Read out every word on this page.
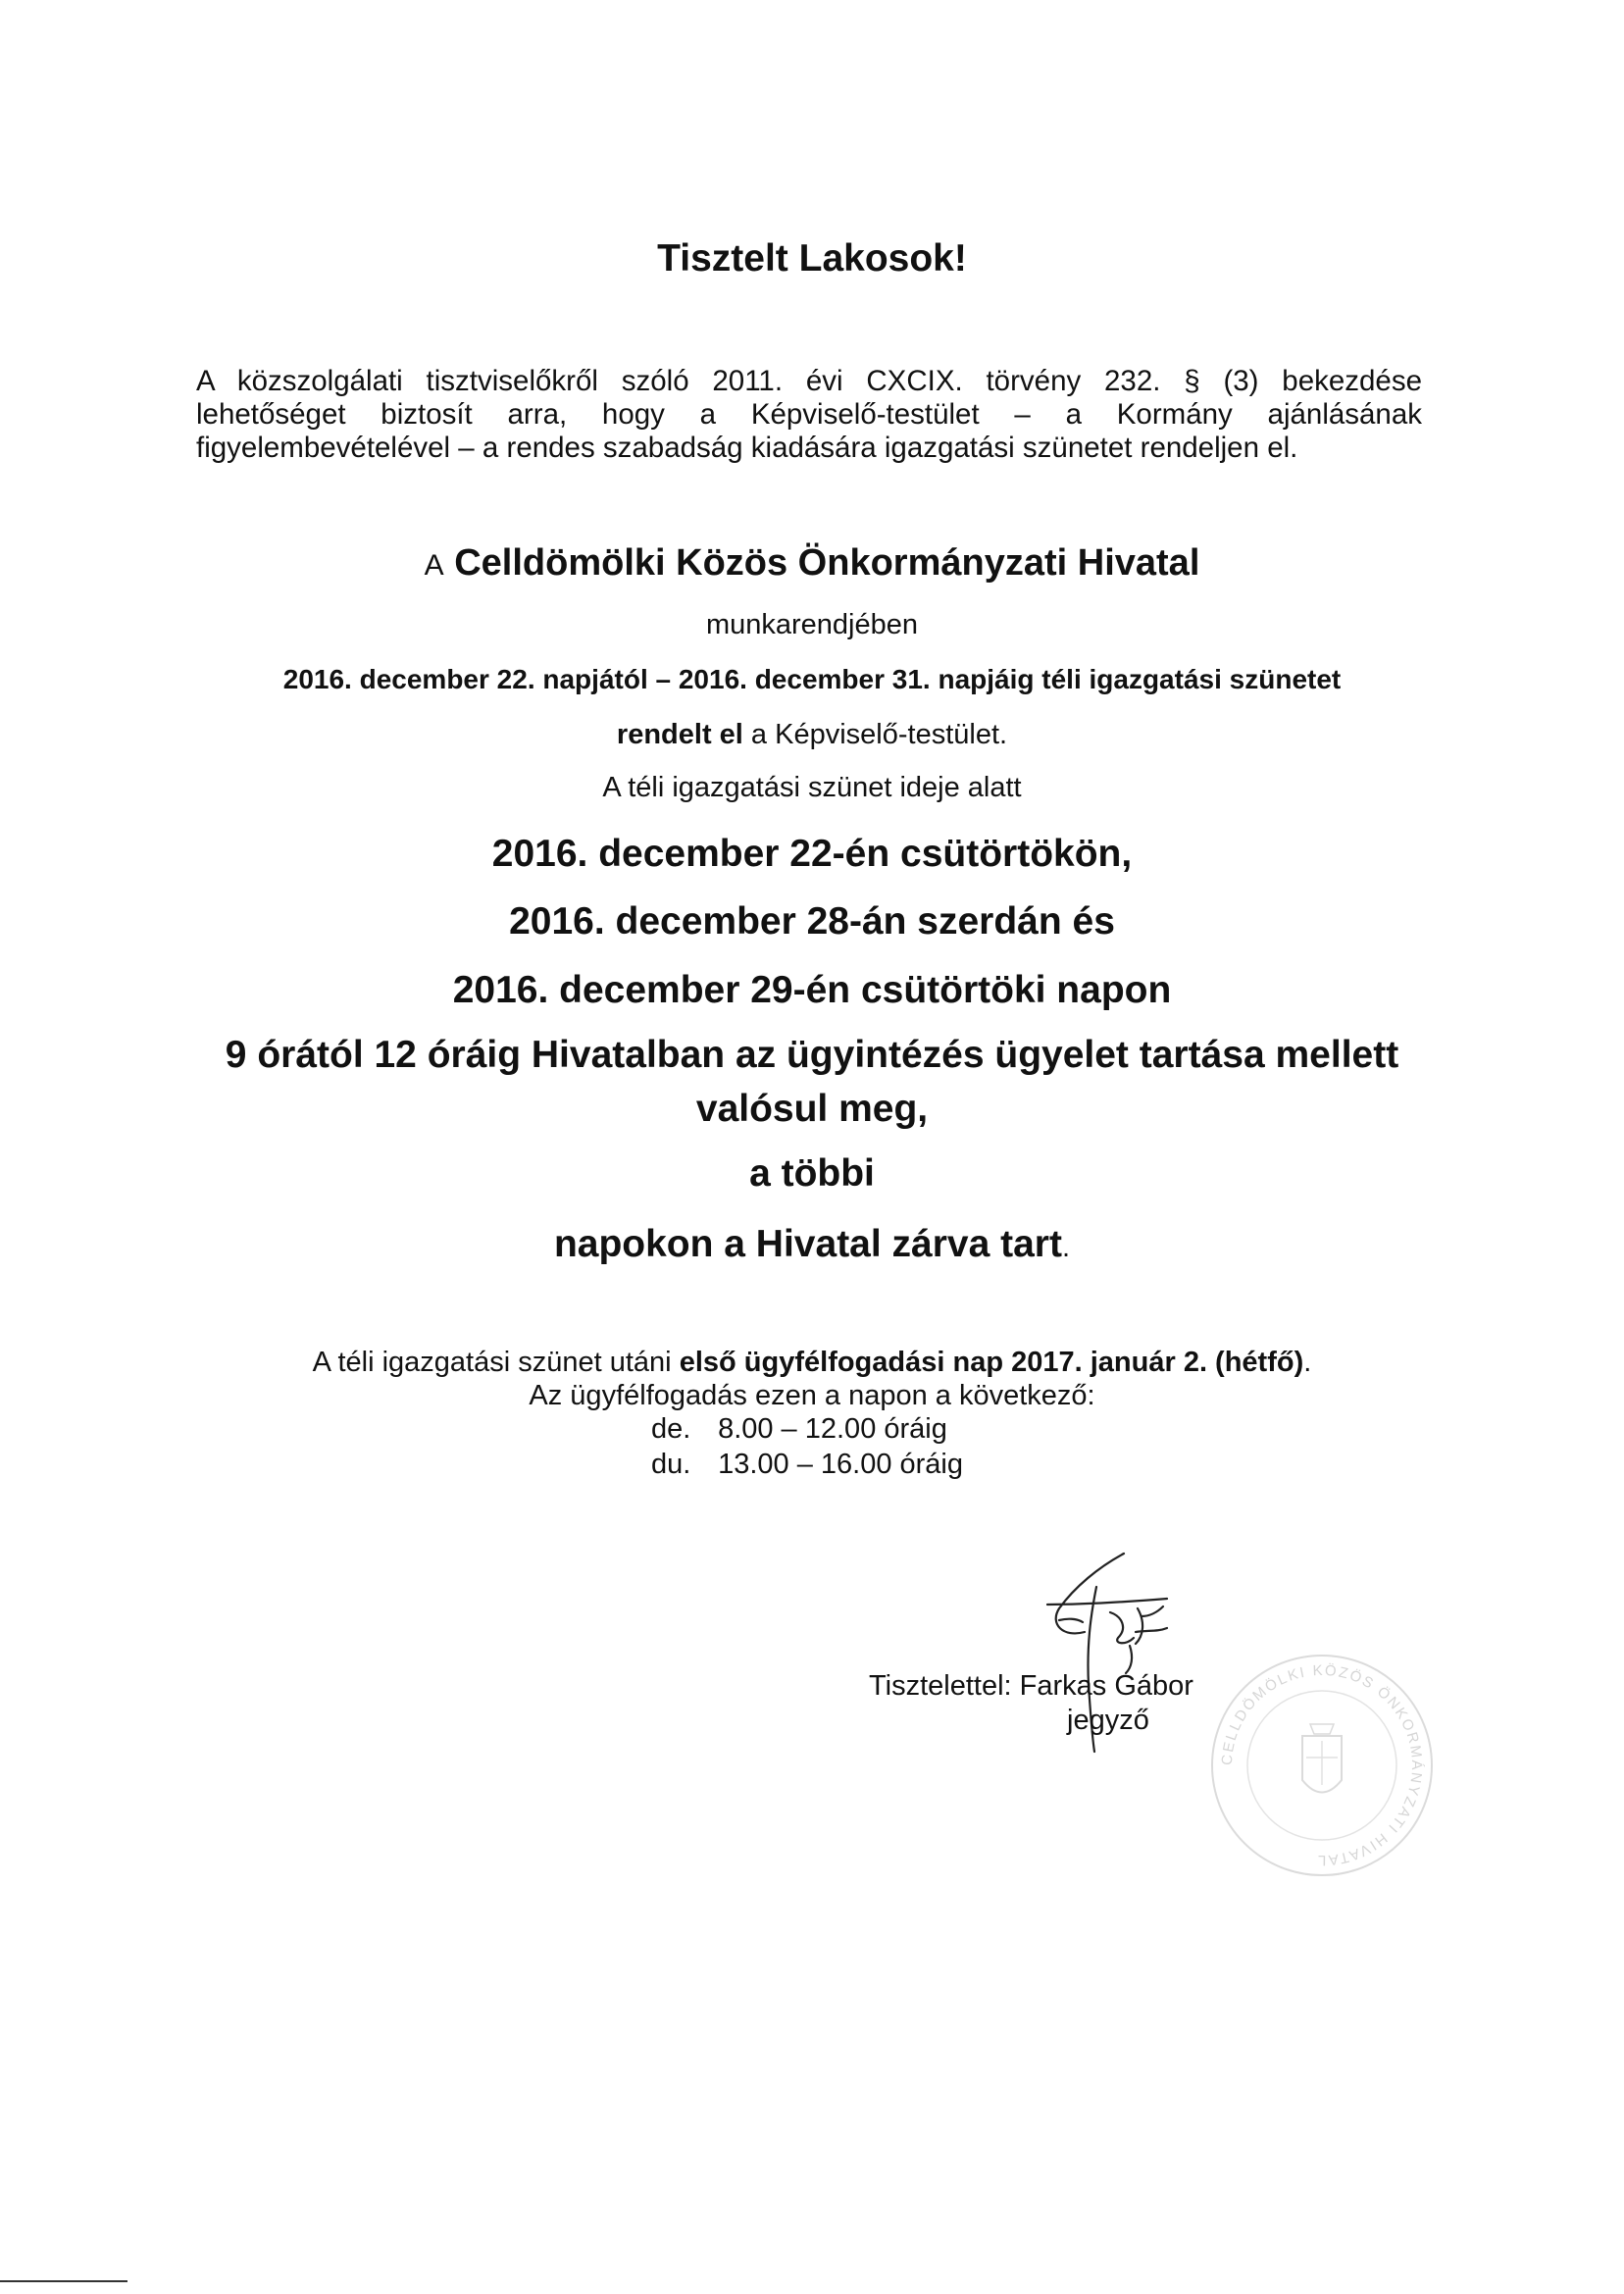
Tisztelt Lakosok!
A közszolgálati tisztviselőkről szóló 2011. évi CXCIX. törvény 232. § (3) bekezdése
lehetőséget biztosít arra, hogy a Képviselő-testület – a Kormány ajánlásának
figyelembevételével – a rendes szabadság kiadására igazgatási szünetet rendeljen el.
A Celldömölki Közös Önkormányzati Hivatal
munkarendjében
2016. december 22. napjától – 2016. december 31. napjáig téli igazgatási szünetet
rendelt el a Képviselő-testület.
A téli igazgatási szünet ideje alatt
2016. december 22-én csütörtökön,
2016. december 28-án szerdán és
2016. december 29-én csütörtöki napon
9 órától 12 óráig Hivatalban az ügyintézés ügyelet tartása mellett
valósul meg,
a többi
napokon a Hivatal zárva tart.
A téli igazgatási szünet utáni első ügyfélfogadási nap 2017. január 2. (hétfő).
Az ügyfélfogadás ezen a napon a következő:
de. 8.00 – 12.00 óráig
du. 13.00 – 16.00 óráig
CELLDÖMÖLKI KÖZÖS ÖNKORMÁNYZATI HIVATAL
Tisztelettel: Farkas Gábor
jegyző
